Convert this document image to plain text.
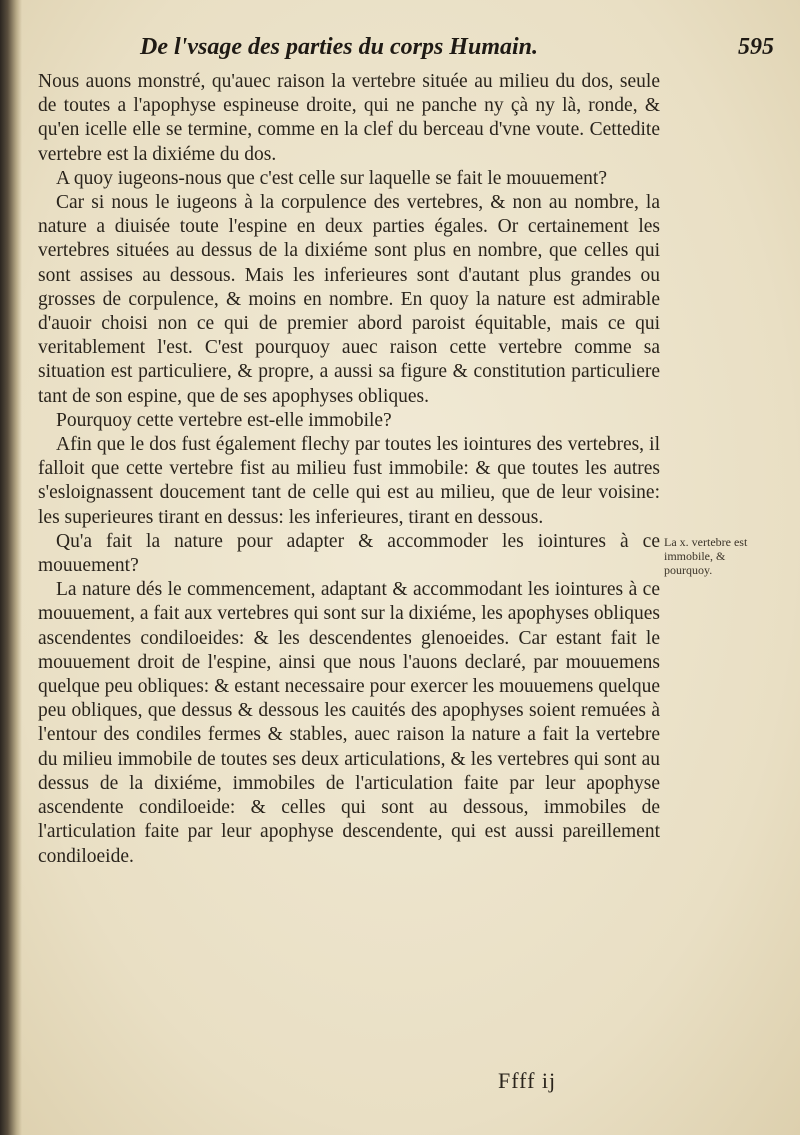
De l'vsage des parties du corps Humain.	595

Nous auons monstré, qu'auec raison la vertebre située au milieu du dos, seule de toutes a l'apophyse espineuse droite, qui ne panche ny çà ny là, ronde, & qu'en icelle elle se termine, comme en la clef du berceau d'vne voute. Cettedite vertebre est la dixiéme du dos.

A quoy iugeons-nous que c'est celle sur laquelle se fait le mouuement?

Car si nous le iugeons à la corpulence des vertebres, & non au nombre, la nature a diuisée toute l'espine en deux parties égales. Or certainement les vertebres situées au dessus de la dixiéme sont plus en nombre, que celles qui sont assises au dessous. Mais les inferieures sont d'autant plus grandes ou grosses de corpulence, & moins en nombre. En quoy la nature est admirable d'auoir choisi non ce qui de premier abord paroist équitable, mais ce qui veritablement l'est. C'est pourquoy auec raison cette vertebre comme sa situation est particuliere, & propre, a aussi sa figure & constitution particuliere tant de son espine, que de ses apophyses obliques.

Pourquoy cette vertebre est-elle immobile?

Afin que le dos fust également flechy par toutes les iointures des vertebres, il falloit que cette vertebre fist au milieu fust immobile: & que toutes les autres s'esloignassent doucement tant de celle qui est au milieu, que de leur voisine: les superieures tirant en dessus: les inferieures, tirant en dessous.

Qu'a fait la nature pour adapter & accommoder les iointures à ce mouuement?

La nature dés le commencement, adaptant & accommodant les iointures à ce mouuement, a fait aux vertebres qui sont sur la dixiéme, les apophyses obliques ascendentes condiloeides: & les descendentes glenoeides. Car estant fait le mouuement droit de l'espine, ainsi que nous l'auons declaré, par mouuemens quelque peu obliques: & estant necessaire pour exercer les mouuemens quelque peu obliques, que dessus & dessous les cauités des apophyses soient remuées à l'entour des condiles fermes & stables, auec raison la nature a fait la vertebre du milieu immobile de toutes ses deux articulations, & les vertebres qui sont au dessus de la dixiéme, immobiles de l'articulation faite par leur apophyse ascendente condiloeide: & celles qui sont au dessous, immobiles de l'articulation faite par leur apophyse descendente, qui est aussi pareillement condiloeide.

La x. vertebre est immobile, & pourquoy.
Ffff ij
